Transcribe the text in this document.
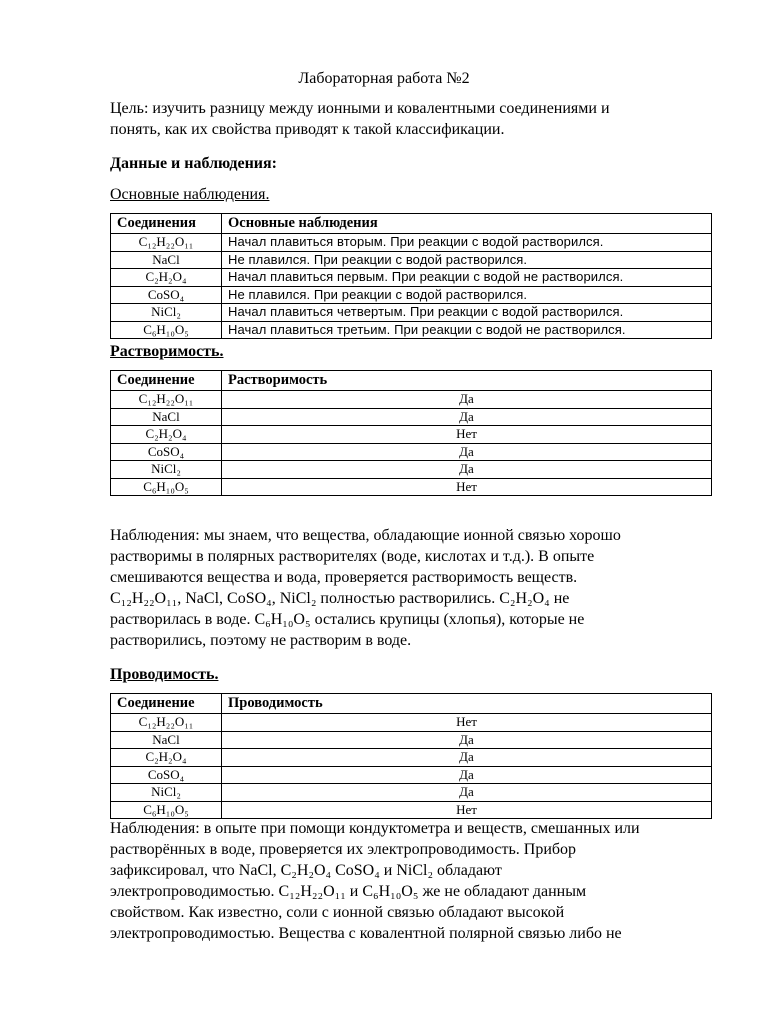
Лабораторная работа №2
Цель: изучить разницу между ионными и ковалентными соединениями и
понять, как их свойства приводят к такой классификации.
Данные и наблюдения:
Основные наблюдения.
Соединения	Основные наблюдения
C₁₂H₂₂O₁₁	Начал плавиться вторым. При реакции с водой растворился.
NaCl	Не плавился. При реакции с водой растворился.
C₂H₂O₄	Начал плавиться первым. При реакции с водой не растворился.
CoSO₄	Не плавился. При реакции с водой растворился.
NiCl₂	Начал плавиться четвертым. При реакции с водой растворился.
C₆H₁₀O₅	Начал плавиться третьим. При реакции с водой не растворился.
Растворимость.
Соединение	Растворимость
C₁₂H₂₂O₁₁	Да
NaCl	Да
C₂H₂O₄	Нет
CoSO₄	Да
NiCl₂	Да
C₆H₁₀O₅	Нет
Наблюдения: мы знаем, что вещества, обладающие ионной связью хорошо
растворимы в полярных растворителях (воде, кислотах и т.д.). В опыте
смешиваются вещества и вода, проверяется растворимость веществ.
C₁₂H₂₂O₁₁, NaCl, CoSO₄, NiCl₂ полностью растворились. C₂H₂O₄ не
растворилась в воде. C₆H₁₀O₅ остались крупицы (хлопья), которые не
растворились, поэтому не растворим в воде.
Проводимость.
Соединение	Проводимость
C₁₂H₂₂O₁₁	Нет
NaCl	Да
C₂H₂O₄	Да
CoSO₄	Да
NiCl₂	Да
C₆H₁₀O₅	Нет
Наблюдения: в опыте при помощи кондуктометра и веществ, смешанных или
растворённых в воде, проверяется их электропроводимость. Прибор
зафиксировал, что NaCl, C₂H₂O₄ CoSO₄ и NiCl₂ обладают
электропроводимостью. C₁₂H₂₂O₁₁ и C₆H₁₀O₅ же не обладают данным
свойством. Как известно, соли с ионной связью обладают высокой
электропроводимостью. Вещества с ковалентной полярной связью либо не
